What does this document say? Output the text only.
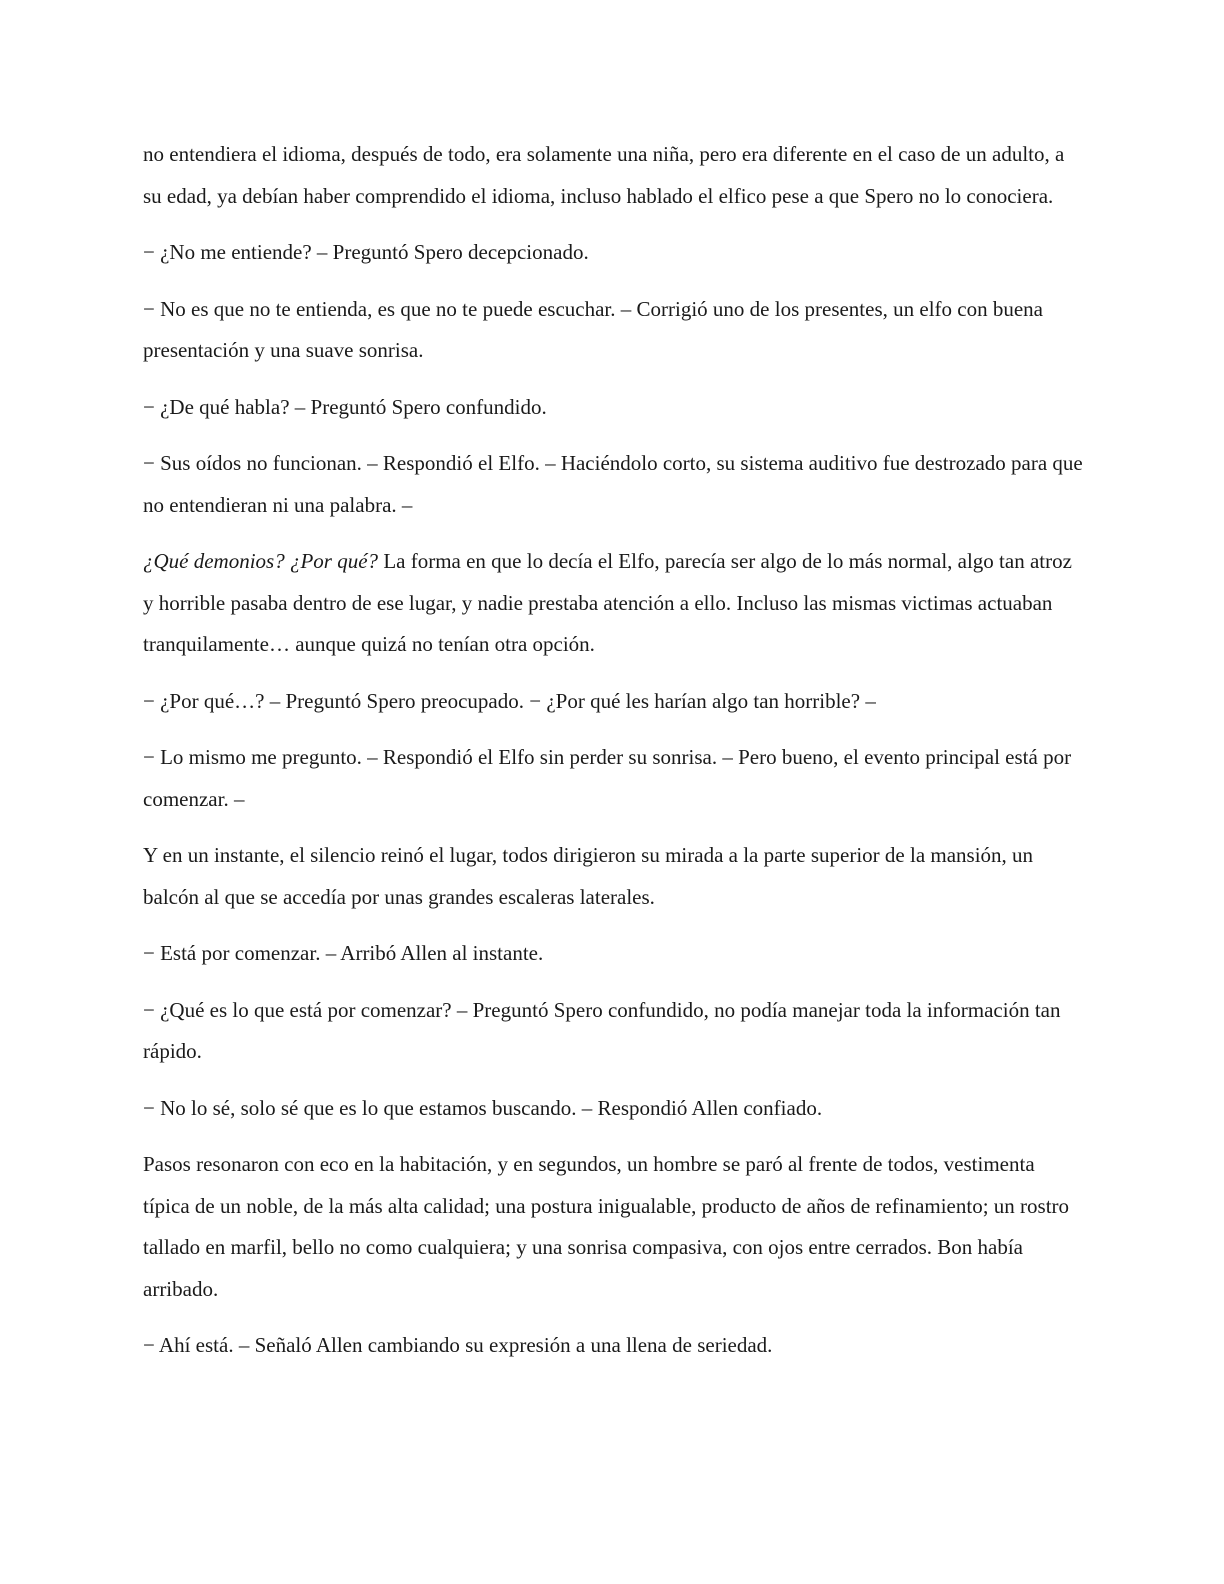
no entendiera el idioma, después de todo, era solamente una niña, pero era diferente en el caso de un adulto, a su edad, ya debían haber comprendido el idioma, incluso hablado el elfico pese a que Spero no lo conociera.

− ¿No me entiende? – Preguntó Spero decepcionado.

− No es que no te entienda, es que no te puede escuchar. – Corrigió uno de los presentes, un elfo con buena presentación y una suave sonrisa.

− ¿De qué habla? – Preguntó Spero confundido.

− Sus oídos no funcionan. – Respondió el Elfo. – Haciéndolo corto, su sistema auditivo fue destrozado para que no entendieran ni una palabra. –

¿Qué demonios? ¿Por qué? La forma en que lo decía el Elfo, parecía ser algo de lo más normal, algo tan atroz y horrible pasaba dentro de ese lugar, y nadie prestaba atención a ello. Incluso las mismas victimas actuaban tranquilamente… aunque quizá no tenían otra opción.

− ¿Por qué…? – Preguntó Spero preocupado. − ¿Por qué les harían algo tan horrible? –

− Lo mismo me pregunto. – Respondió el Elfo sin perder su sonrisa. – Pero bueno, el evento principal está por comenzar. –

Y en un instante, el silencio reinó el lugar, todos dirigieron su mirada a la parte superior de la mansión, un balcón al que se accedía por unas grandes escaleras laterales.

− Está por comenzar. – Arribó Allen al instante.

− ¿Qué es lo que está por comenzar? – Preguntó Spero confundido, no podía manejar toda la información tan rápido.

− No lo sé, solo sé que es lo que estamos buscando. – Respondió Allen confiado.

Pasos resonaron con eco en la habitación, y en segundos, un hombre se paró al frente de todos, vestimenta típica de un noble, de la más alta calidad; una postura inigualable, producto de años de refinamiento; un rostro tallado en marfil, bello no como cualquiera; y una sonrisa compasiva, con ojos entre cerrados. Bon había arribado.

− Ahí está. – Señaló Allen cambiando su expresión a una llena de seriedad.
